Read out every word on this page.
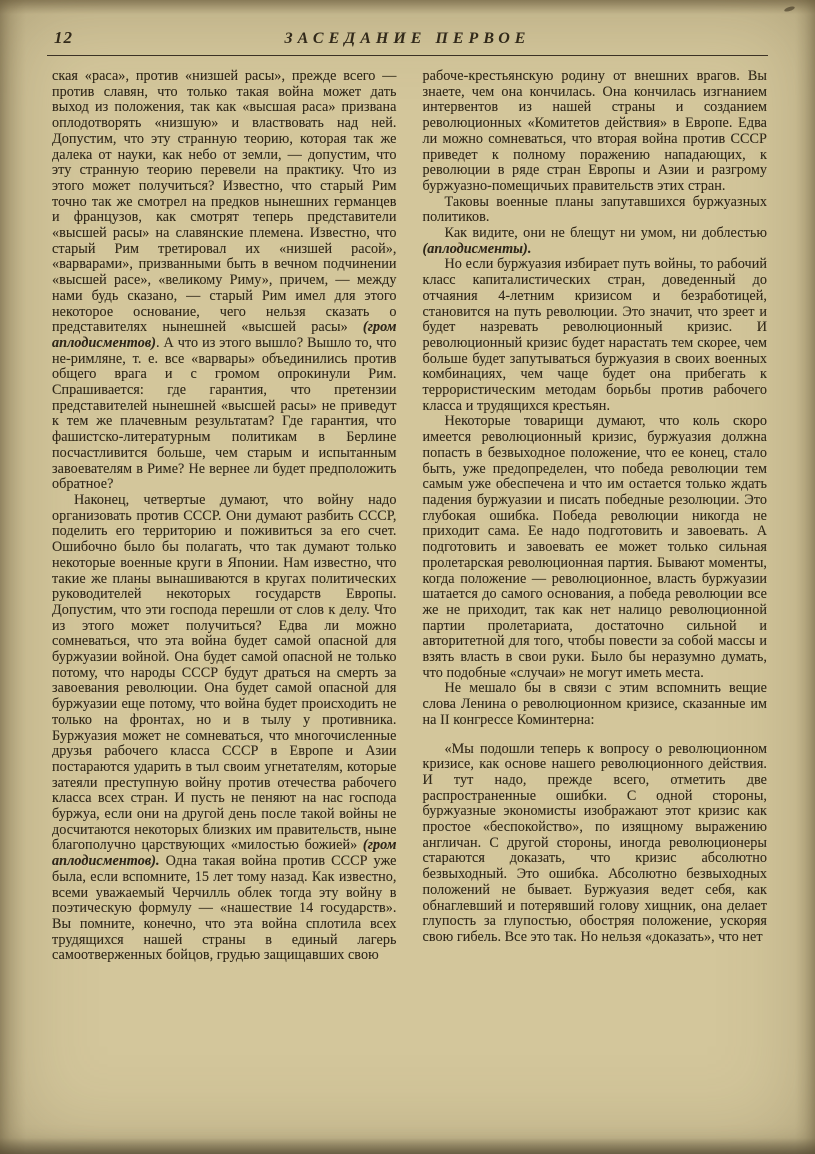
12	ЗАСЕДАНИЕ ПЕРВОЕ

ская «раса», против «низшей расы», прежде всего — против славян, что только такая война может дать выход из положения, так как «высшая раса» призвана оплодотворять «низшую» и властвовать над ней. Допустим, что эту странную теорию, которая так же далека от науки, как небо от земли, — допустим, что эту странную теорию перевели на практику. Что из этого может получиться? Известно, что старый Рим точно так же смотрел на предков нынешних германцев и французов, как смотрят теперь представители «высшей расы» на славянские племена. Известно, что старый Рим третировал их «низшей расой», «варварами», призванными быть в вечном подчинении «высшей расе», «великому Риму», причем, — между нами будь сказано, — старый Рим имел для этого некоторое основание, чего нельзя сказать о представителях нынешней «высшей расы» (гром аплодисментов). А что из этого вышло? Вышло то, что не-римляне, т. е. все «варвары» объединились против общего врага и с громом опрокинули Рим. Спрашивается: где гарантия, что претензии представителей нынешней «высшей расы» не приведут к тем же плачевным результатам? Где гарантия, что фашистско-литературным политикам в Берлине посчастливится больше, чем старым и испытанным завоевателям в Риме? Не вернее ли будет предположить обратное?

Наконец, четвертые думают, что войну надо организовать против СССР. Они думают разбить СССР, поделить его территорию и поживиться за его счет. Ошибочно было бы полагать, что так думают только некоторые военные круги в Японии. Нам известно, что такие же планы вынашиваются в кругах политических руководителей некоторых государств Европы. Допустим, что эти господа перешли от слов к делу. Что из этого может получиться? Едва ли можно сомневаться, что эта война будет самой опасной для буржуазии войной. Она будет самой опасной не только потому, что народы СССР будут драться на смерть за завоевания революции. Она будет самой опасной для буржуазии еще потому, что война будет происходить не только на фронтах, но и в тылу у противника. Буржуазия может не сомневаться, что многочисленные друзья рабочего класса СССР в Европе и Азии постараются ударить в тыл своим угнетателям, которые затеяли преступную войну против отечества рабочего класса всех стран. И пусть не пеняют на нас господа буржуа, если они на другой день после такой войны не досчитаются некоторых близких им правительств, ныне благополучно царствующих «милостью божией» (гром аплодисментов). Одна такая война против СССР уже была, если вспомните, 15 лет тому назад. Как известно, всеми уважаемый Черчилль облек тогда эту войну в поэтическую формулу — «нашествие 14 государств». Вы помните, конечно, что эта война сплотила всех трудящихся нашей страны в единый лагерь самоотверженных бойцов, грудью защищавших свою

рабоче-крестьянскую родину от внешних врагов. Вы знаете, чем она кончилась. Она кончилась изгнанием интервентов из нашей страны и созданием революционных «Комитетов действия» в Европе. Едва ли можно сомневаться, что вторая война против СССР приведет к полному поражению нападающих, к революции в ряде стран Европы и Азии и разгрому буржуазно-помещичьих правительств этих стран.

Таковы военные планы запутавшихся буржуазных политиков.

Как видите, они не блещут ни умом, ни доблестью (аплодисменты).

Но если буржуазия избирает путь войны, то рабочий класс капиталистических стран, доведенный до отчаяния 4-летним кризисом и безработицей, становится на путь революции. Это значит, что зреет и будет назревать революционный кризис. И революционный кризис будет нарастать тем скорее, чем больше будет запутываться буржуазия в своих военных комбинациях, чем чаще будет она прибегать к террористическим методам борьбы против рабочего класса и трудящихся крестьян.

Некоторые товарищи думают, что коль скоро имеется революционный кризис, буржуазия должна попасть в безвыходное положение, что ее конец, стало быть, уже предопределен, что победа революции тем самым уже обеспечена и что им остается только ждать падения буржуазии и писать победные резолюции. Это глубокая ошибка. Победа революции никогда не приходит сама. Ее надо подготовить и завоевать. А подготовить и завоевать ее может только сильная пролетарская революционная партия. Бывают моменты, когда положение — революционное, власть буржуазии шатается до самого основания, а победа революции все же не приходит, так как нет налицо революционной партии пролетариата, достаточно сильной и авторитетной для того, чтобы повести за собой массы и взять власть в свои руки. Было бы неразумно думать, что подобные «случаи» не могут иметь места.

Не мешало бы в связи с этим вспомнить вещие слова Ленина о революционном кризисе, сказанные им на II конгрессе Коминтерна:

«Мы подошли теперь к вопросу о революционном кризисе, как основе нашего революционного действия. И тут надо, прежде всего, отметить две распространенные ошибки. С одной стороны, буржуазные экономисты изображают этот кризис как простое «беспокойство», по изящному выражению англичан. С другой стороны, иногда революционеры стараются доказать, что кризис абсолютно безвыходный. Это ошибка. Абсолютно безвыходных положений не бывает. Буржуазия ведет себя, как обнаглевший и потерявший голову хищник, она делает глупость за глупостью, обостряя положение, ускоряя свою гибель. Все это так. Но нельзя «доказать», что нет
